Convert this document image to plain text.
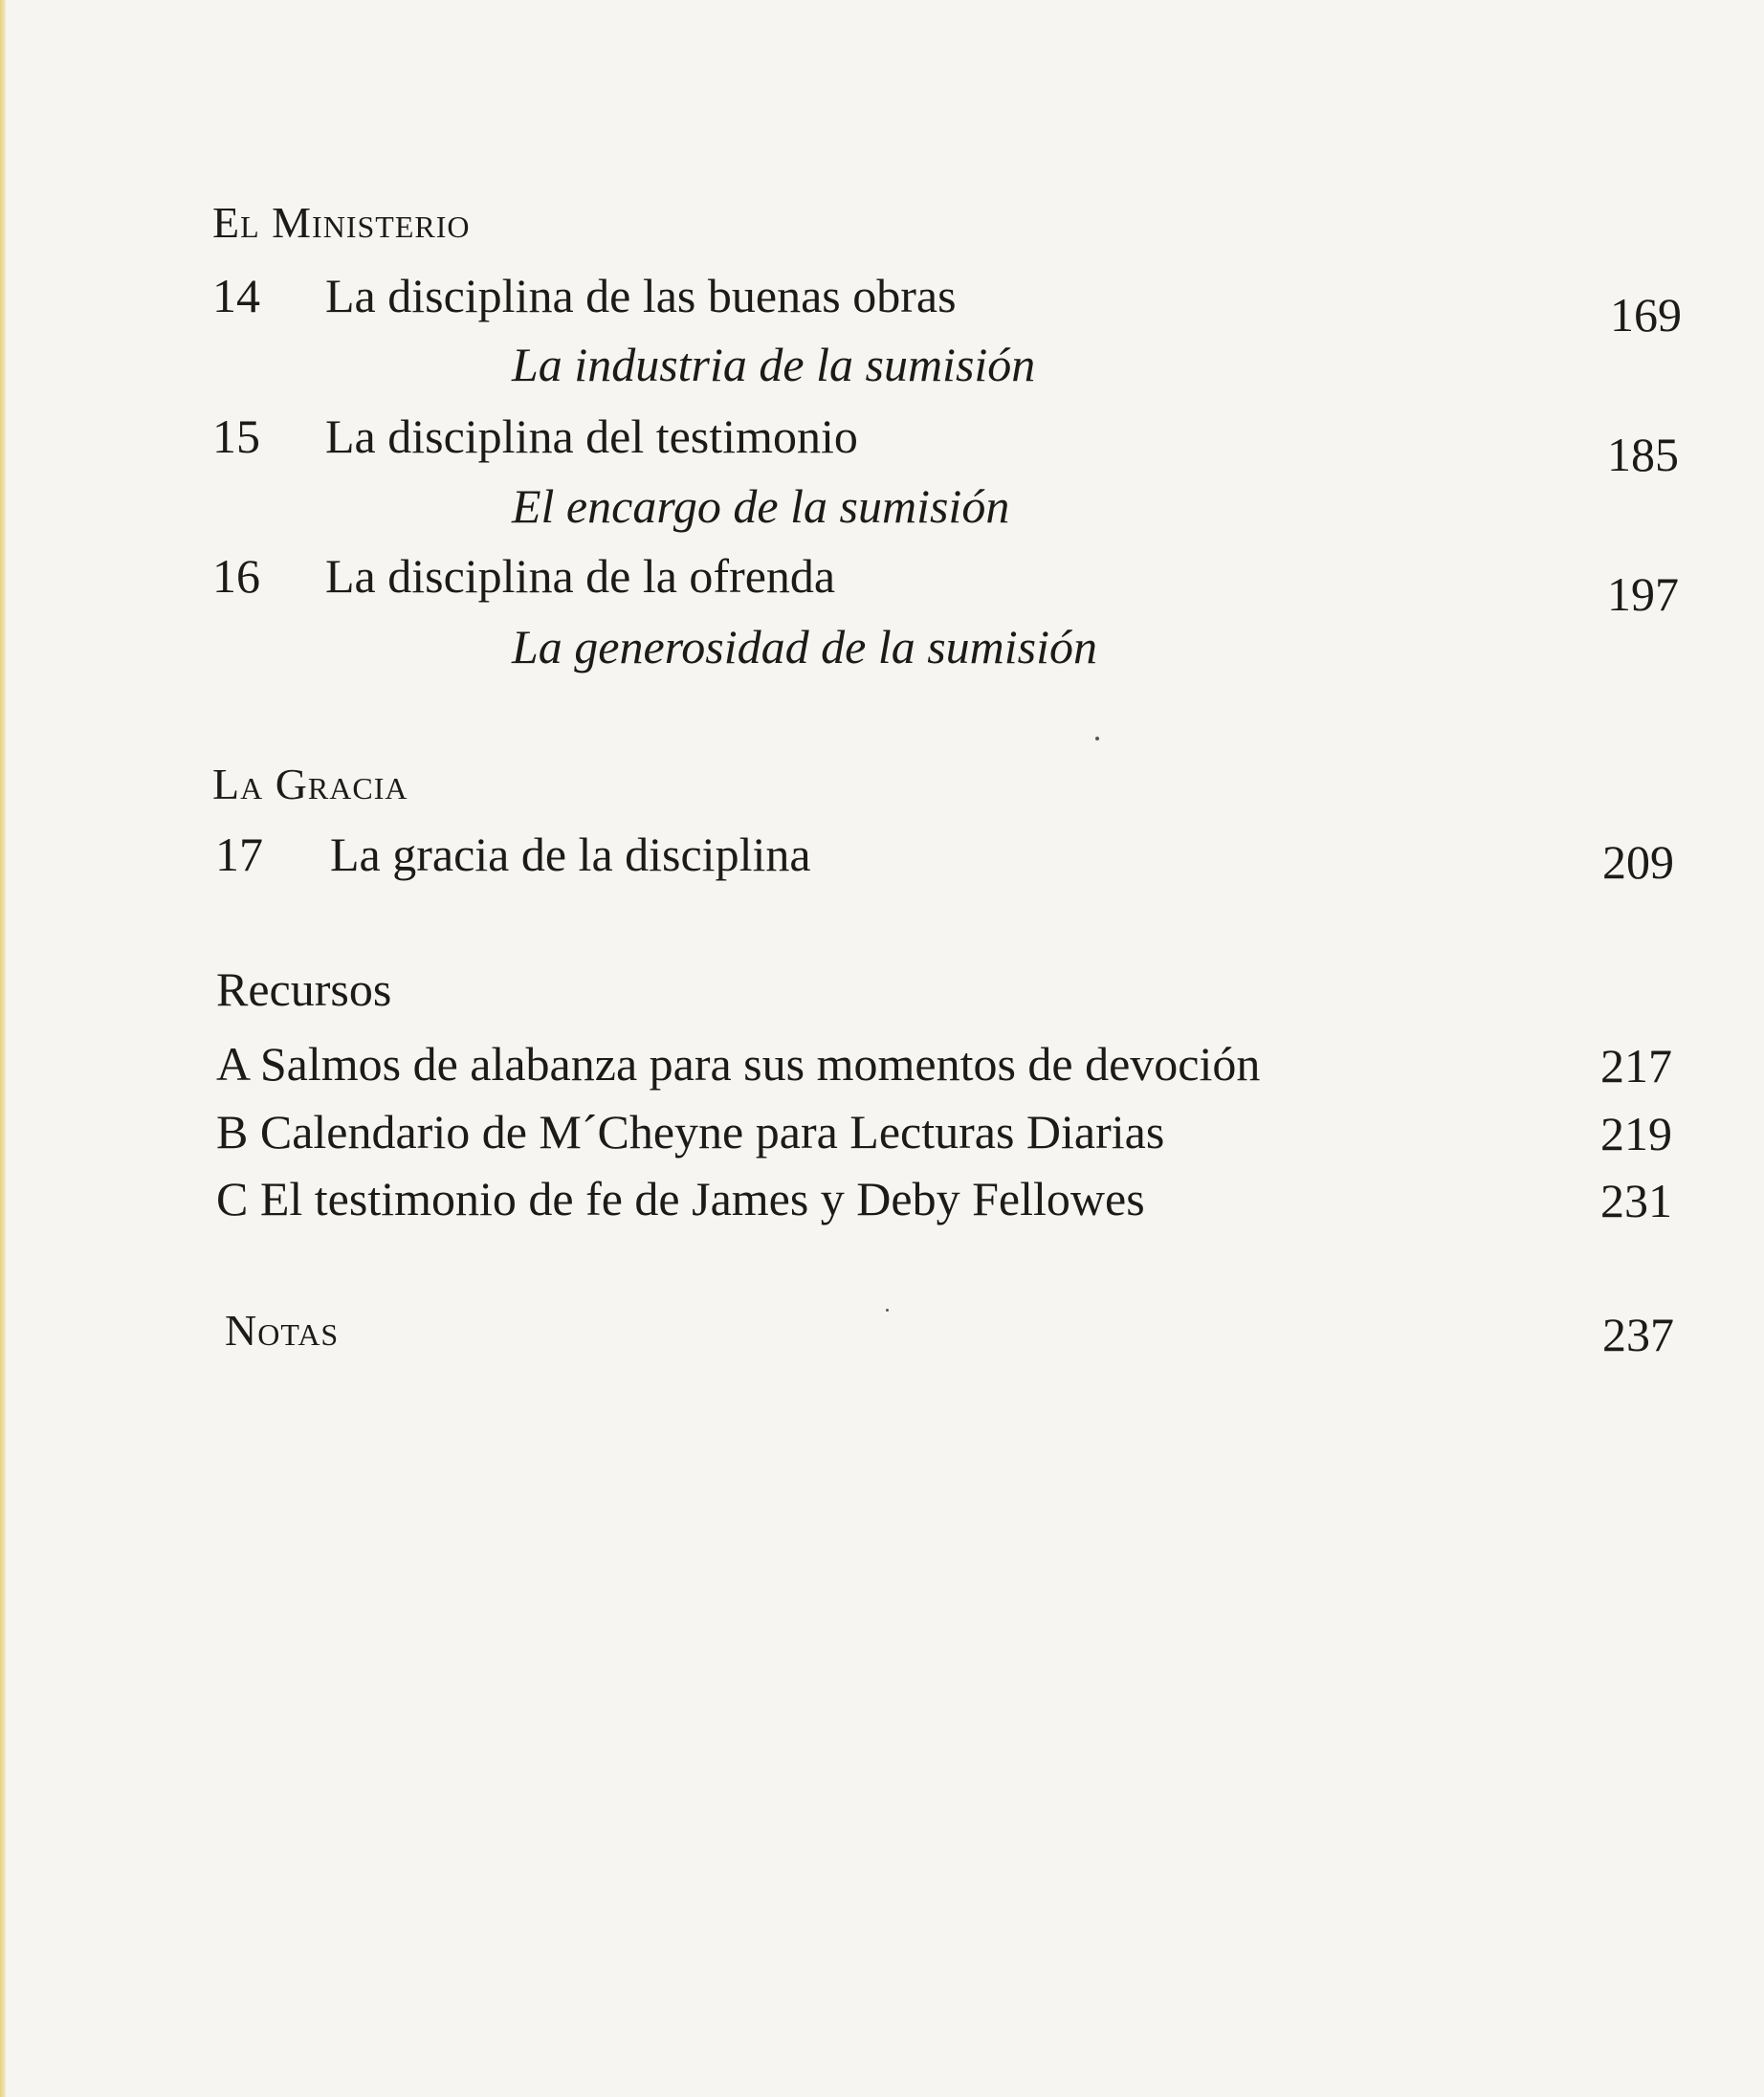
El Ministerio
14 La disciplina de las buenas obras	169
La industria de la sumisión
15 La disciplina del testimonio	185
El encargo de la sumisión
16 La disciplina de la ofrenda	197
La generosidad de la sumisión
La Gracia
17 La gracia de la disciplina	209
Recursos
A Salmos de alabanza para sus momentos de devoción	217
B Calendario de M´Cheyne para Lecturas Diarias	219
C El testimonio de fe de James y Deby Fellowes	231
Notas	237
